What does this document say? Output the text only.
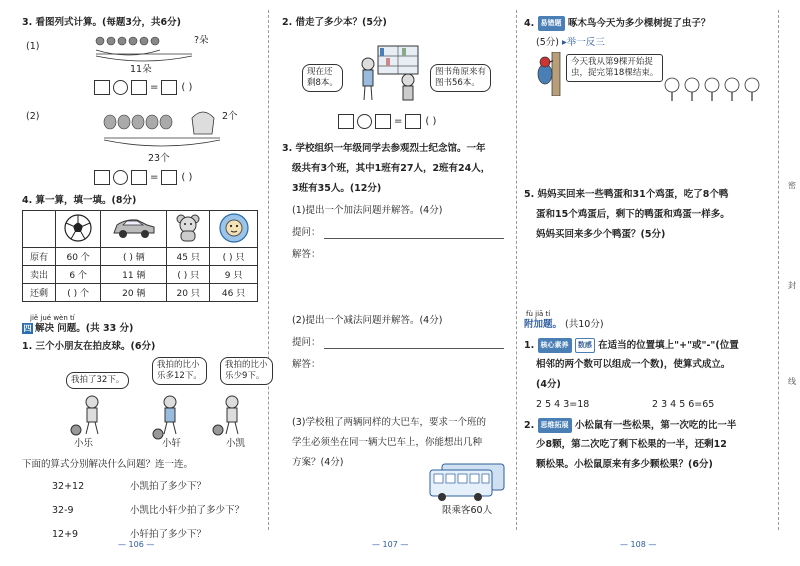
3. 看图列式计算。(每题3分，共6分)
(1)
?朵
11朵
= ( )
(2)	2个
23个
= ( )
4. 算一算，填一填。(8分)

原有	60 个	( ) 辆	45 只	( ) 只
卖出	6 个	11 辆	( ) 只	9 只
还剩	( ) 个	20 辆	20 只	46 只
jiě jué wèn tí
四 解决 问题。(共 33 分)
1. 三个小朋友在拍皮球。(6分)
我拍了32下。
我拍的比小
乐多12下。
我拍的比小
乐少9下。
小乐	小轩	小凯
下面的算式分别解决什么问题？连一连。
32+12	小凯拍了多少下？
32-9	小凯比小轩少拍了多少下？
12+9	小轩拍了多少下？
— 106 —
2. 借走了多少本？(5分)
现在还
剩8本。
图书角原来有
图书56本。
= ( )
3. 学校组织一年级同学去参观烈士纪念馆。一年
级共有3个班，其中1班有27人，2班有24人，
3班有35人。(12分)
(1)提出一个加法问题并解答。(4分)
提问：
解答：
(2)提出一个减法问题并解答。(4分)
提问：
解答：
(3)学校租了两辆同样的大巴车，要求一个班的
学生必须坐在同一辆大巴车上，你能想出几种
方案？(4分)
限乘客60人
— 107 —
4. 易错题 啄木鸟今天为多少棵树捉了虫子？
(5分) ▸举一反三
今天我从第9棵开始捉
虫，捉完第18棵结束。
5. 妈妈买回来一些鸭蛋和31个鸡蛋，吃了8个鸭
蛋和15个鸡蛋后，剩下的鸭蛋和鸡蛋一样多。
妈妈买回来多少个鸭蛋？(5分)
fù jiā tí
附加题。 (共10分)
1. 核心素养 数感 在适当的位置填上"+"或"-"(位置
相邻的两个数可以组成一个数)，使算式成立。
(4分)
2 5 4 3=18	2 3 4 5 6=65
2. 思维拓展 小松鼠有一些松果，第一次吃的比一半
少8颗，第二次吃了剩下松果的一半，还剩12
颗松果。小松鼠原来有多少颗松果？(6分)
— 108 —
密
封
线
